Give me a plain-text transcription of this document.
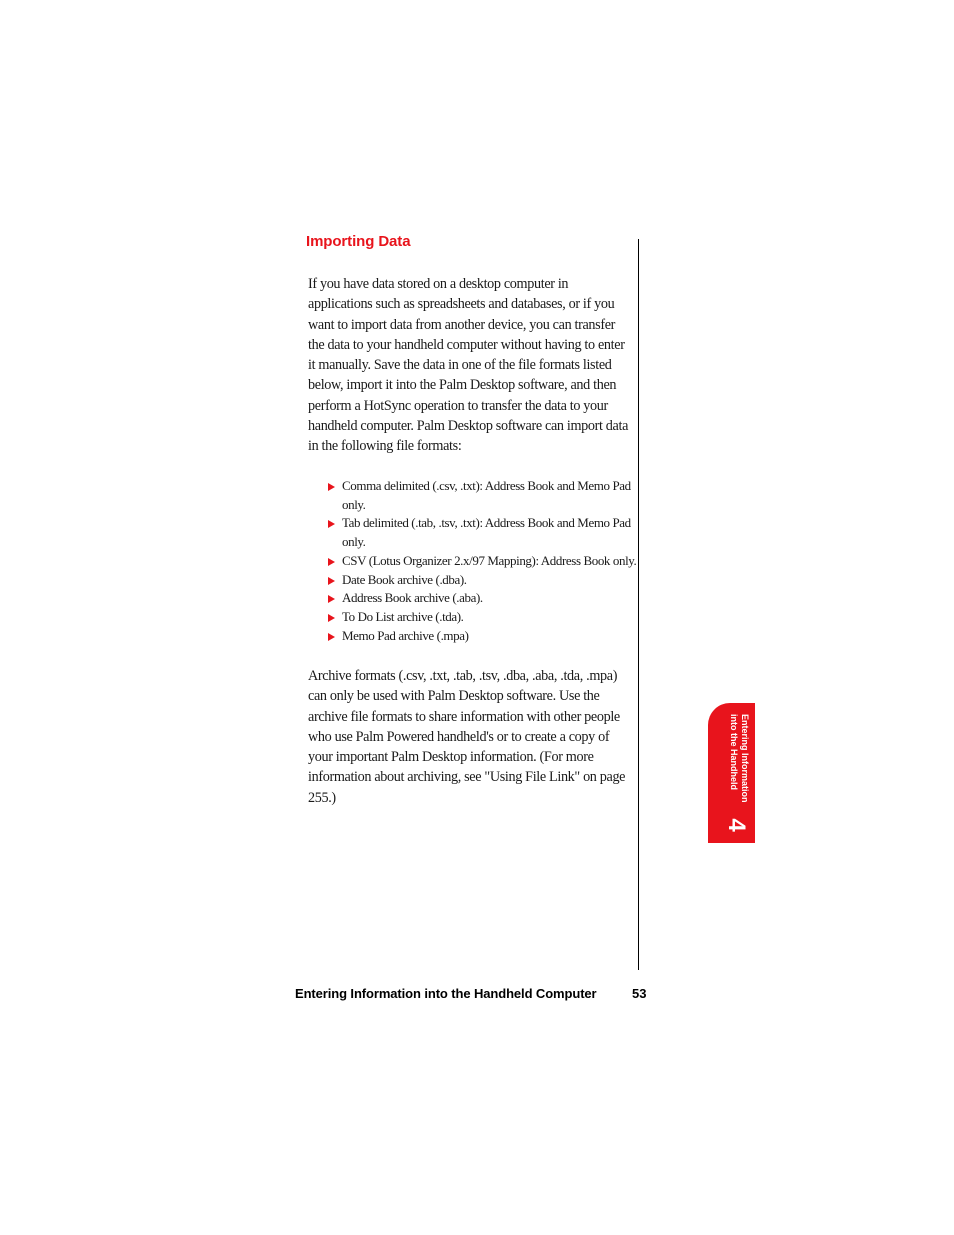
Importing Data

If you have data stored on a desktop computer in applications such as spreadsheets and databases, or if you want to import data from another device, you can transfer the data to your handheld computer without having to enter it manually. Save the data in one of the file formats listed below, import it into the Palm Desktop software, and then perform a HotSync operation to transfer the data to your handheld computer. Palm Desktop software can import data in the following file formats:

Comma delimited (.csv, .txt): Address Book and Memo Pad only.
Tab delimited (.tab, .tsv, .txt): Address Book and Memo Pad only.
CSV (Lotus Organizer 2.x/97 Mapping): Address Book only.
Date Book archive (.dba).
Address Book archive (.aba).
To Do List archive (.tda).
Memo Pad archive (.mpa)

Archive formats (.csv, .txt, .tab, .tsv, .dba, .aba, .tda, .mpa) can only be used with Palm Desktop software. Use the archive file formats to share information with other people who use Palm Powered handheld's or to create a copy of your important Palm Desktop information. (For more information about archiving, see "Using File Link" on page 255.)	Entering Information
into the Handheld
4
Entering Information into the Handheld Computer	53
